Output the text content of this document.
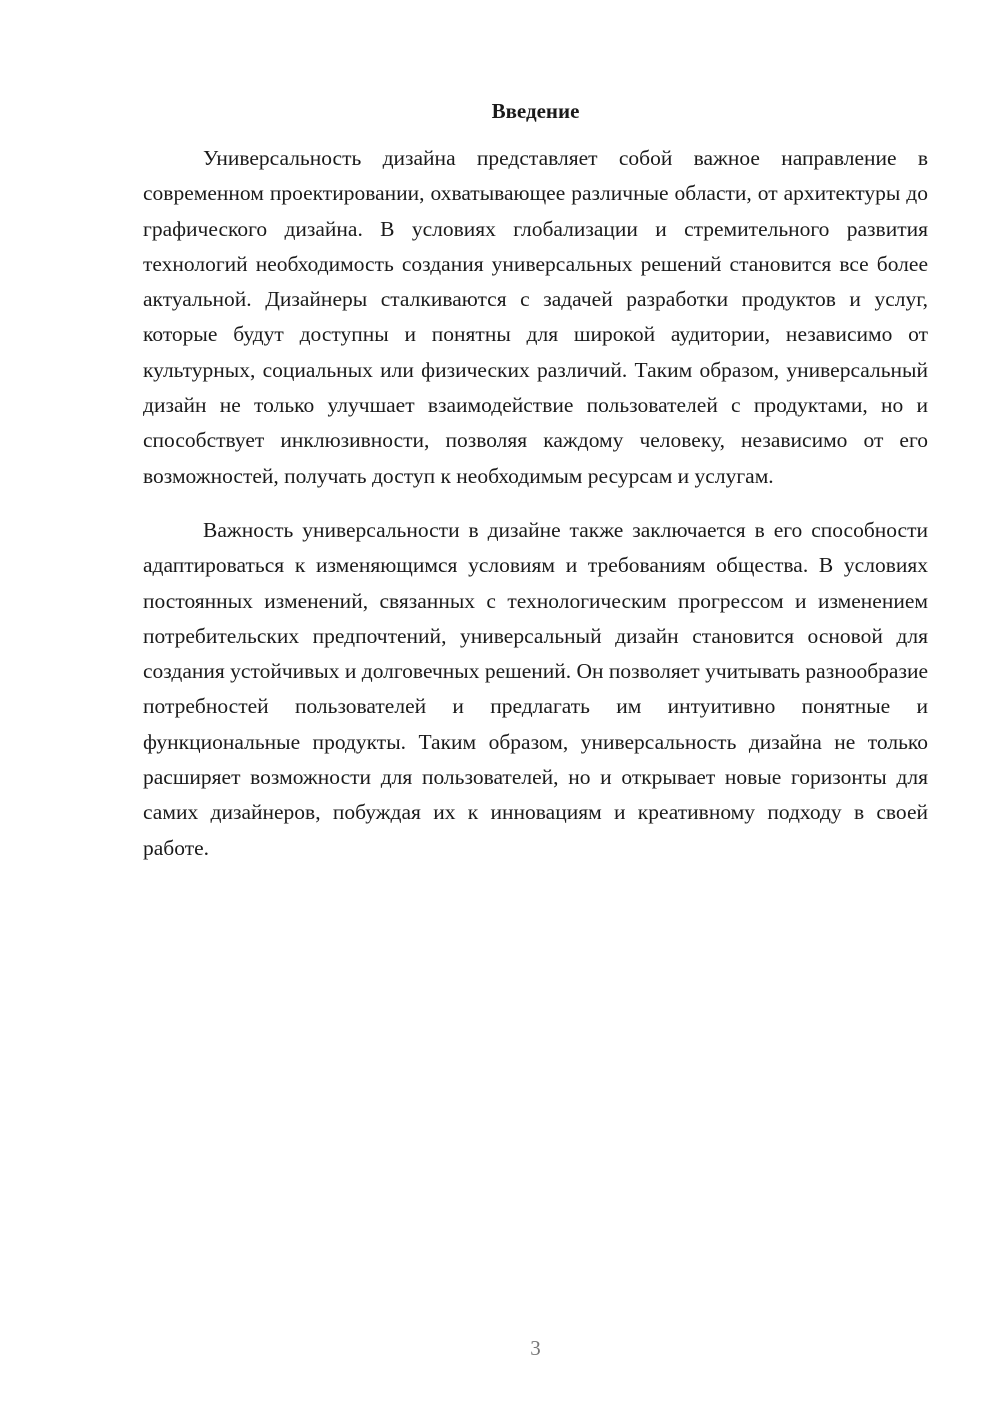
Введение

Универсальность дизайна представляет собой важное направление в современном проектировании, охватывающее различные области, от архитектуры до графического дизайна. В условиях глобализации и стремительного развития технологий необходимость создания универсальных решений становится все более актуальной. Дизайнеры сталкиваются с задачей разработки продуктов и услуг, которые будут доступны и понятны для широкой аудитории, независимо от культурных, социальных или физических различий. Таким образом, универсальный дизайн не только улучшает взаимодействие пользователей с продуктами, но и способствует инклюзивности, позволяя каждому человеку, независимо от его возможностей, получать доступ к необходимым ресурсам и услугам.

Важность универсальности в дизайне также заключается в его способности адаптироваться к изменяющимся условиям и требованиям общества. В условиях постоянных изменений, связанных с технологическим прогрессом и изменением потребительских предпочтений, универсальный дизайн становится основой для создания устойчивых и долговечных решений. Он позволяет учитывать разнообразие потребностей пользователей и предлагать им интуитивно понятные и функциональные продукты. Таким образом, универсальность дизайна не только расширяет возможности для пользователей, но и открывает новые горизонты для самих дизайнеров, побуждая их к инновациям и креативному подходу в своей работе.

3
